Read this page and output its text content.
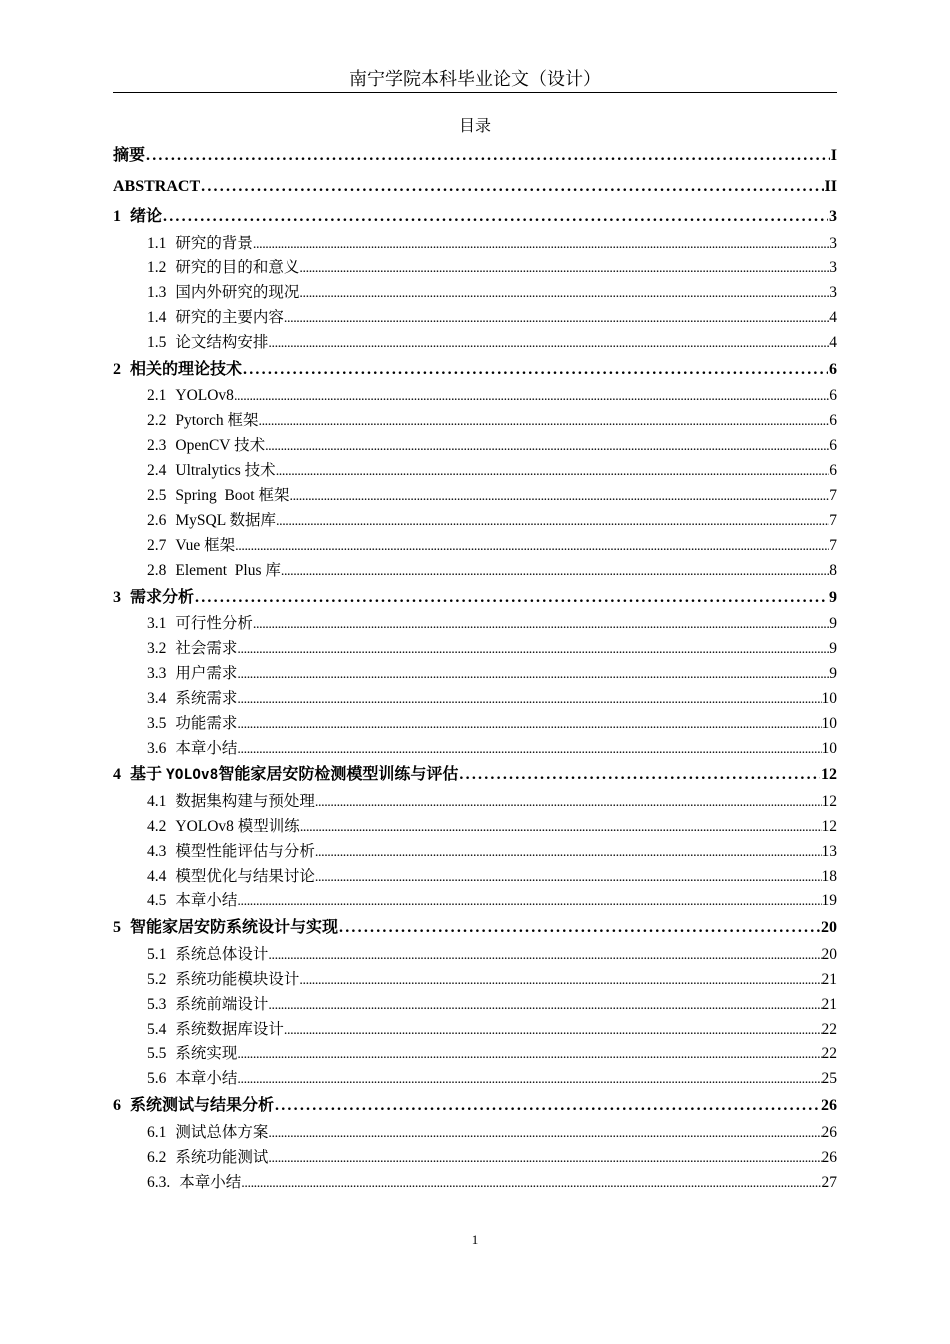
南宁学院本科毕业论文（设计）
目录
摘要 .....	I
ABSTRACT .....	II
1 绪论 .....	3
1.1 研究的背景 .....	3
1.2 研究的目的和意义 .....	3
1.3 国内外研究的现况 .....	3
1.4 研究的主要内容 .....	4
1.5 论文结构安排 .....	4
2 相关的理论技术 .....	6
2.1 YOLOv8 .....	6
2.2 Pytorch 框架 .....	6
2.3 OpenCV 技术 .....	6
2.4 Ultralytics 技术 .....	6
2.5 Spring  Boot 框架 .....	7
2.6 MySQL 数据库 .....	7
2.7 Vue 框架 .....	7
2.8 Element  Plus 库 .....	8
3 需求分析 .....	9
3.1 可行性分析 .....	9
3.2 社会需求 .....	9
3.3 用户需求 .....	9
3.4 系统需求 .....	10
3.5 功能需求 .....	10
3.6 本章小结 .....	10
4 基于 YOLOv8智能家居安防检测模型训练与评估 .....	12
4.1 数据集构建与预处理 .....	12
4.2 YOLOv8 模型训练 .....	12
4.3 模型性能评估与分析 .....	13
4.4 模型优化与结果讨论 .....	18
4.5 本章小结 .....	19
5 智能家居安防系统设计与实现 .....	20
5.1 系统总体设计 .....	20
5.2 系统功能模块设计 .....	21
5.3 系统前端设计 .....	21
5.4 系统数据库设计 .....	22
5.5 系统实现 .....	22
5.6 本章小结 .....	25
6 系统测试与结果分析 .....	26
6.1 测试总体方案 .....	26
6.2 系统功能测试 .....	26
6.3. 本章小结 .....	27
1
